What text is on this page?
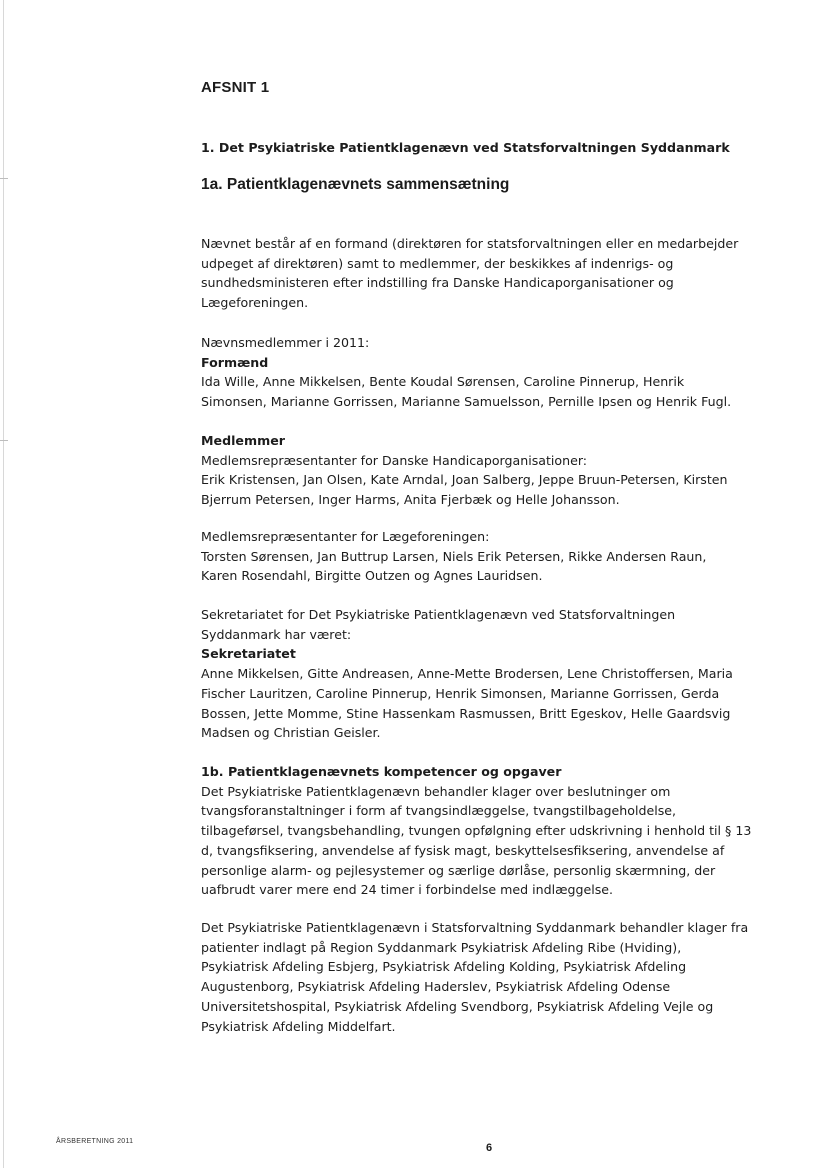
AFSNIT 1
1. Det Psykiatriske Patientklagenævn ved Statsforvaltningen Syddanmark
1a. Patientklagenævnets sammensætning

Nævnet består af en formand (direktøren for statsforvaltningen eller en medarbejder
udpeget af direktøren) samt to medlemmer, der beskikkes af indenrigs- og
sundhedsministeren efter indstilling fra Danske Handicaporganisationer og
Lægeforeningen.

Nævnsmedlemmer i 2011:
Formænd
Ida Wille, Anne Mikkelsen, Bente Koudal Sørensen, Caroline Pinnerup, Henrik
Simonsen, Marianne Gorrissen, Marianne Samuelsson, Pernille Ipsen og Henrik Fugl.

Medlemmer
Medlemsrepræsentanter for Danske Handicaporganisationer:
Erik Kristensen, Jan Olsen, Kate Arndal, Joan Salberg, Jeppe Bruun-Petersen, Kirsten
Bjerrum Petersen, Inger Harms, Anita Fjerbæk og Helle Johansson.

Medlemsrepræsentanter for Lægeforeningen:
Torsten Sørensen, Jan Buttrup Larsen, Niels Erik Petersen, Rikke Andersen Raun,
Karen Rosendahl, Birgitte Outzen og Agnes Lauridsen.

Sekretariatet for Det Psykiatriske Patientklagenævn ved Statsforvaltningen
Syddanmark har været:
Sekretariatet
Anne Mikkelsen, Gitte Andreasen, Anne-Mette Brodersen, Lene Christoffersen, Maria
Fischer Lauritzen, Caroline Pinnerup, Henrik Simonsen, Marianne Gorrissen, Gerda
Bossen, Jette Momme, Stine Hassenkam Rasmussen, Britt Egeskov, Helle Gaardsvig
Madsen og Christian Geisler.

1b. Patientklagenævnets kompetencer og opgaver
Det Psykiatriske Patientklagenævn behandler klager over beslutninger om
tvangsforanstaltninger i form af tvangsindlæggelse, tvangstilbageholdelse,
tilbageførsel, tvangsbehandling, tvungen opfølgning efter udskrivning i henhold til § 13
d, tvangsfiksering, anvendelse af fysisk magt, beskyttelsesfiksering, anvendelse af
personlige alarm- og pejlesystemer og særlige dørlåse, personlig skærmning, der
uafbrudt varer mere end 24 timer i forbindelse med indlæggelse.

Det Psykiatriske Patientklagenævn i Statsforvaltning Syddanmark behandler klager fra
patienter indlagt på Region Syddanmark Psykiatrisk Afdeling Ribe (Hviding),
Psykiatrisk Afdeling Esbjerg, Psykiatrisk Afdeling Kolding, Psykiatrisk Afdeling
Augustenborg, Psykiatrisk Afdeling Haderslev, Psykiatrisk Afdeling Odense
Universitetshospital, Psykiatrisk Afdeling Svendborg, Psykiatrisk Afdeling Vejle og
Psykiatrisk Afdeling Middelfart.

6
ÅRSBERETNING 2011
